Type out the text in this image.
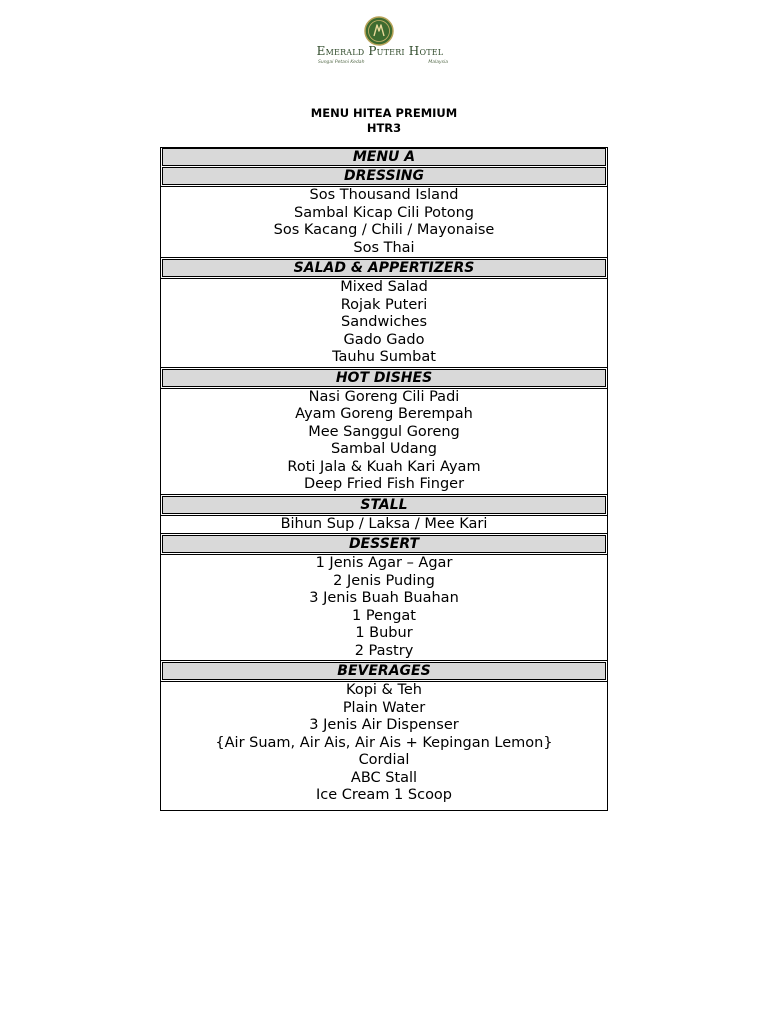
Emerald Puteri Hotel
Sungai Petani Kedah	Malaysia
MENU HITEA PREMIUM
HTR3
MENU A
DRESSING
Sos Thousand Island
Sambal Kicap Cili Potong
Sos Kacang / Chili / Mayonaise
Sos Thai
SALAD & APPERTIZERS
Mixed Salad
Rojak Puteri
Sandwiches
Gado Gado
Tauhu Sumbat
HOT DISHES
Nasi Goreng Cili Padi
Ayam Goreng Berempah
Mee Sanggul Goreng
Sambal Udang
Roti Jala & Kuah Kari Ayam
Deep Fried Fish Finger
STALL
Bihun Sup / Laksa / Mee Kari
DESSERT
1 Jenis Agar – Agar
2 Jenis Puding
3 Jenis Buah Buahan
1 Pengat
1 Bubur
2 Pastry
BEVERAGES
Kopi & Teh
Plain Water
3 Jenis Air Dispenser
{Air Suam, Air Ais, Air Ais + Kepingan Lemon}
Cordial
ABC Stall
Ice Cream 1 Scoop
